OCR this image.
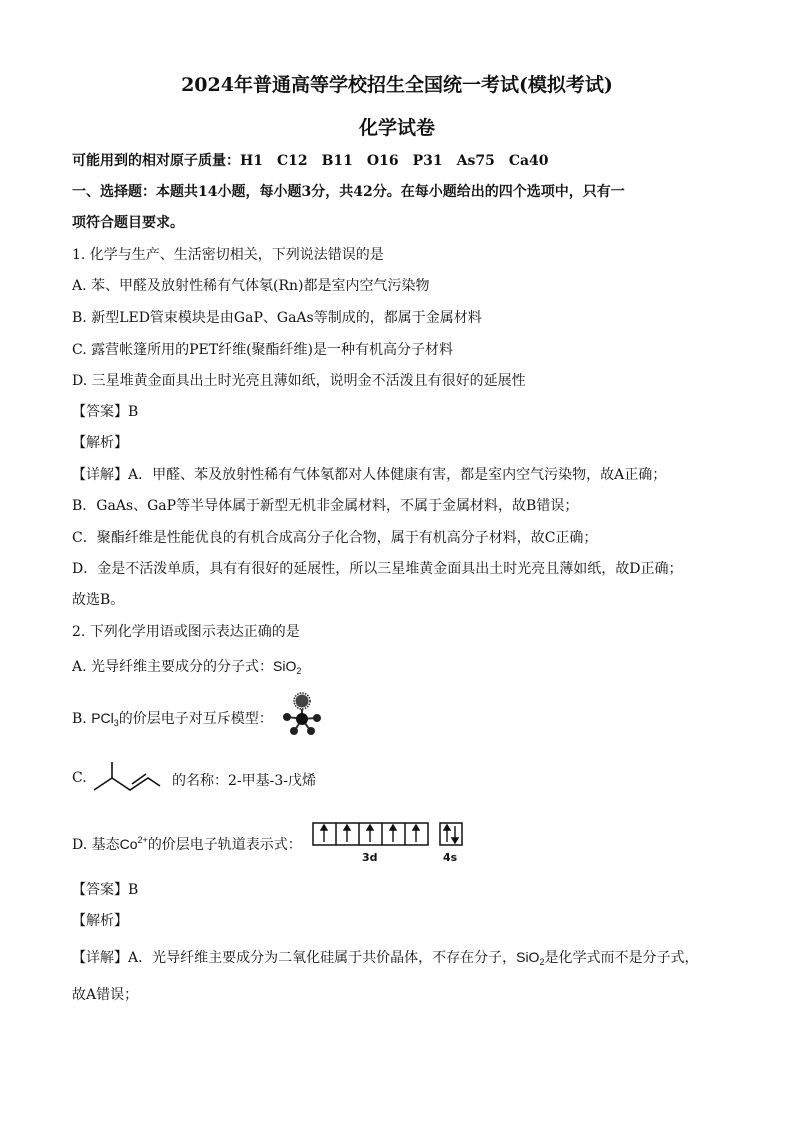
2024年普通高等学校招生全国统一考试(模拟考试)
化学试卷
可能用到的相对原子质量：H1　C12　B11　O16　P31　As75　Ca40
一、选择题：本题共14小题，每小题3分，共42分。在每小题给出的四个选项中，只有一
项符合题目要求。
1. 化学与生产、生活密切相关，下列说法错误的是
A. 苯、甲醛及放射性稀有气体氡(Rn)都是室内空气污染物
B. 新型LED管束模块是由GaP、GaAs等制成的，都属于金属材料
C. 露营帐篷所用的PET纤维(聚酯纤维)是一种有机高分子材料
D. 三星堆黄金面具出土时光亮且薄如纸，说明金不活泼且有很好的延展性
【答案】B
【解析】
【详解】A．甲醛、苯及放射性稀有气体氡都对人体健康有害，都是室内空气污染物，故A正确；
B．GaAs、GaP等半导体属于新型无机非金属材料，不属于金属材料，故B错误；
C．聚酯纤维是性能优良的有机合成高分子化合物，属于有机高分子材料，故C正确；
D．金是不活泼单质，具有有很好的延展性，所以三星堆黄金面具出土时光亮且薄如纸，故D正确；
故选B。
2. 下列化学用语或图示表达正确的是
A. 光导纤维主要成分的分子式：SiO$_2$
B. PCl$_3$的价层电子对互斥模型：
C.	的名称：2-甲基-3-戊烯
D. 基态$Co^{2+}$的价层电子轨道表示式：
3d	4s
【答案】B
【解析】
【详解】A．光导纤维主要成分为二氧化硅属于共价晶体，不存在分子，SiO$_2$是化学式而不是分子式，
故A错误；
